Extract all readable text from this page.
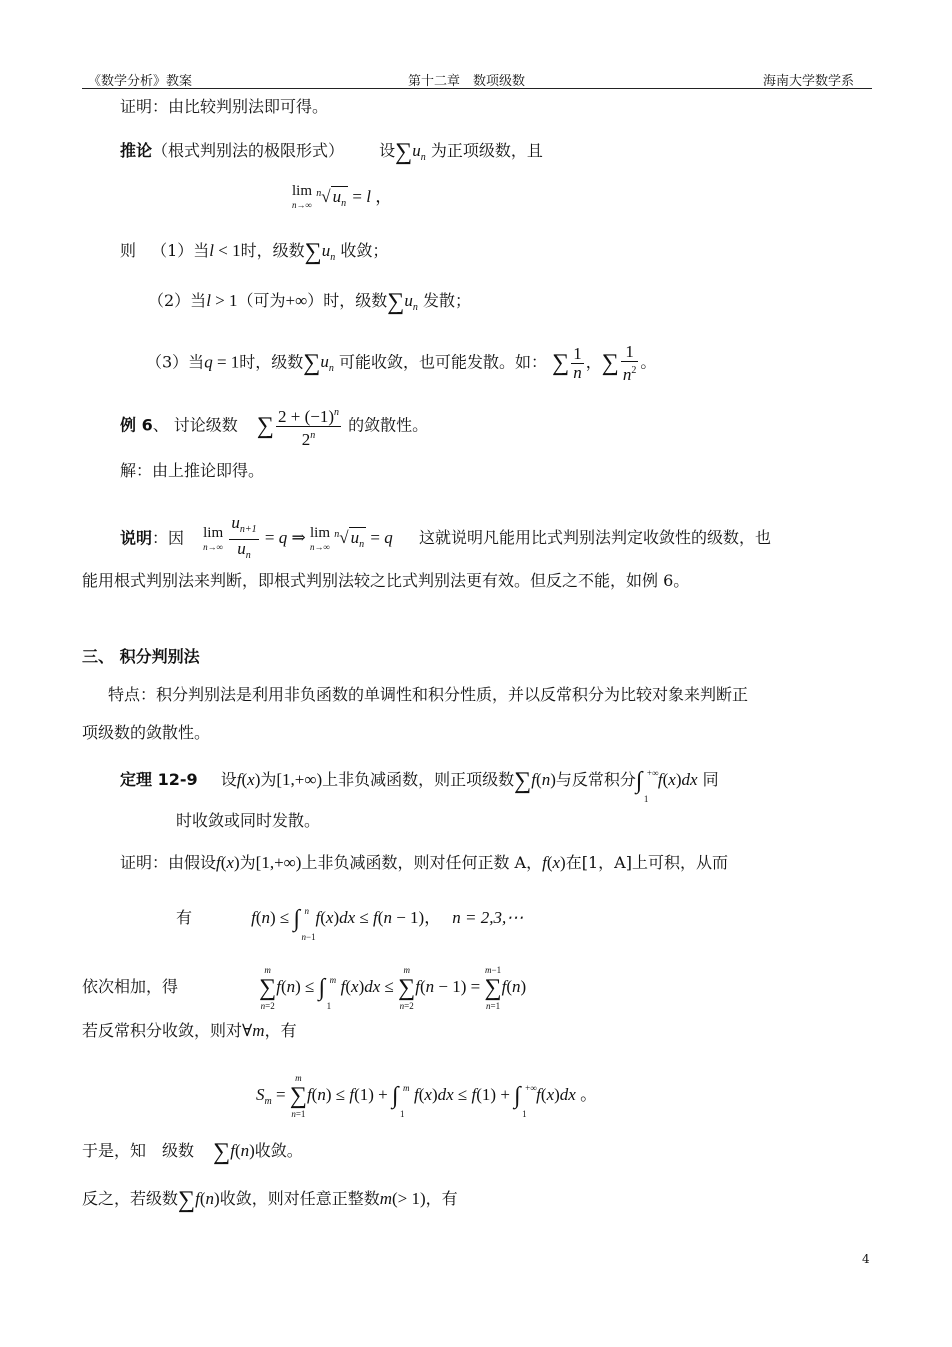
《数学分析》教案	第十二章　数项级数	海南大学数学系
证明：由比较判别法即可得。
推论（根式判别法的极限形式） 设$\sum u_n$ 为正项级数，且
lim
n→∞
$^n$√ $u_n = l$ ，
则 （1）当l < 1时，级数$\sum u_n$ 收敛；
（2）当l > 1（可为+∞）时，级数$\sum u_n$ 发散；
（3）当q = 1时，级数$\sum u_n$ 可能收敛，也可能发散。如： ∑ $\frac{1}{n}$ ，∑ $\frac{1}{n^2}$ 。
例 6、 讨论级数 ∑ $\frac{2 + (-1)^n}{2^n}$ 的敛散性。
解：由上推论即得。
说明：因 lim
n→∞
$\frac{u_{n+1}}{u_n} = q$ ⇒ lim
n→∞
$^n$√ $u_n = q$ 这就说明凡能用比式判别法判定收敛性的级数，也
能用根式判别法来判断，即根式判别法较之比式判别法更有效。但反之不能，如例 6。
三、 积分判别法
特点：积分判别法是利用非负函数的单调性和积分性质，并以反常积分为比较对象来判断正
项级数的敛散性。
定理 12-9 设f(x)为[1,+∞)上非负减函数，则正项级数∑f(n)与反常积分 ∫ +∞
1
f(x)dx 同
时收敛或同时发散。
证明：由假设f(x)为[1,+∞)上非负减函数，则对任何正数 A，f(x)在[1，A]上可积，从而
有	f(n) ≤ ∫ n
n−1
f(x)dx ≤ f(n − 1)， n = 2,3,⋯
依次相加，得
m
∑
n=2
f(n) ≤ ∫ m
1
f(x)dx ≤
m
∑
n=2
f(n − 1) =
m−1
∑
n=1
f(n)
若反常积分收敛，则对∀m，有
$S_m$ =
m
∑
n=1
f(n) ≤ f(1) + ∫ m
1
f(x)dx ≤ f(1) + ∫ +∞
1
f(x)dx 。
于是，知　级数 ∑f(n)收敛。
反之，若级数∑f(n)收敛，则对任意正整数m(> 1)，有
4
